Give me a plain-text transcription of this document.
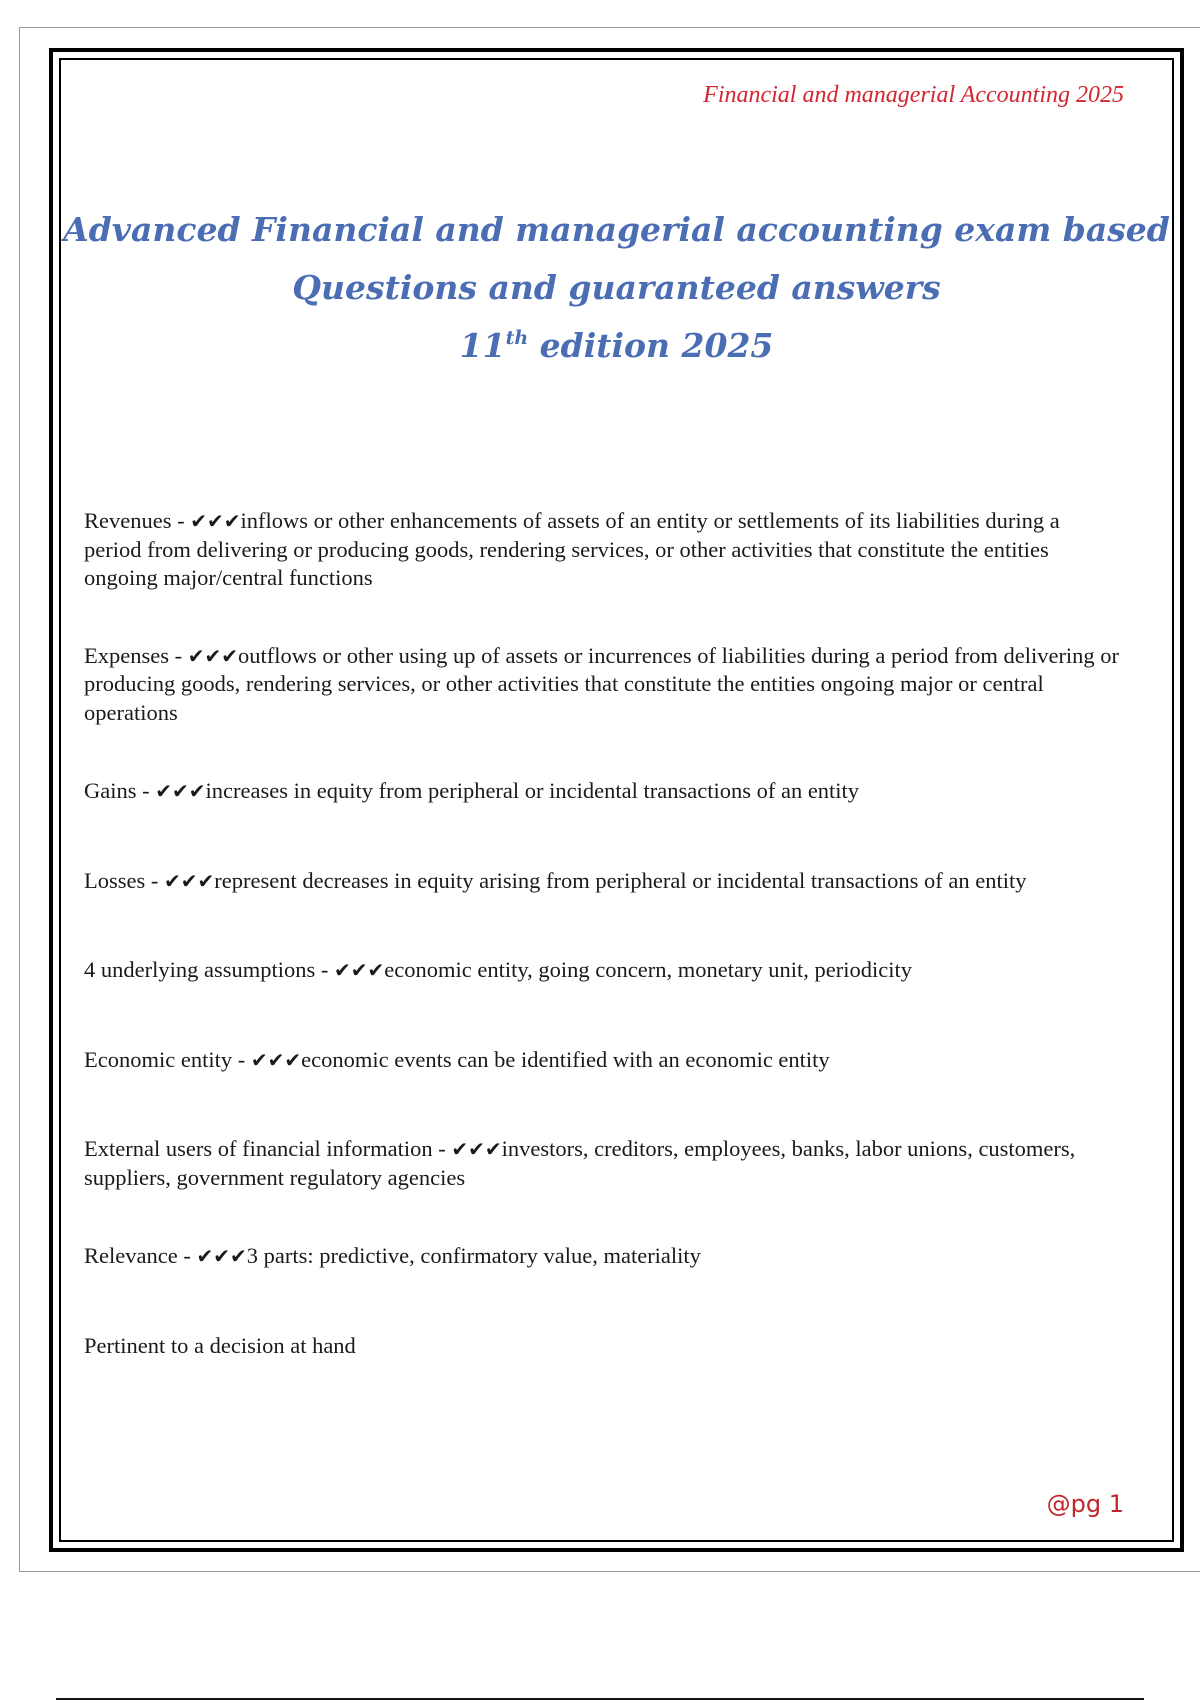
Financial and managerial Accounting 2025
Advanced Financial and managerial accounting exam based
Questions and guaranteed answers
11th edition 2025

Revenues - ✔✔✔inflows or other enhancements of assets of an entity or settlements of its liabilities during a period from delivering or producing goods, rendering services, or other activities that constitute the entities ongoing major/central functions

Expenses - ✔✔✔outflows or other using up of assets or incurrences of liabilities during a period from delivering or producing goods, rendering services, or other activities that constitute the entities ongoing major or central operations

Gains - ✔✔✔increases in equity from peripheral or incidental transactions of an entity

Losses - ✔✔✔represent decreases in equity arising from peripheral or incidental transactions of an entity

4 underlying assumptions - ✔✔✔economic entity, going concern, monetary unit, periodicity

Economic entity - ✔✔✔economic events can be identified with an economic entity

External users of financial information - ✔✔✔investors, creditors, employees, banks, labor unions, customers, suppliers, government regulatory agencies

Relevance - ✔✔✔3 parts: predictive, confirmatory value, materiality

Pertinent to a decision at hand

@pg 1
